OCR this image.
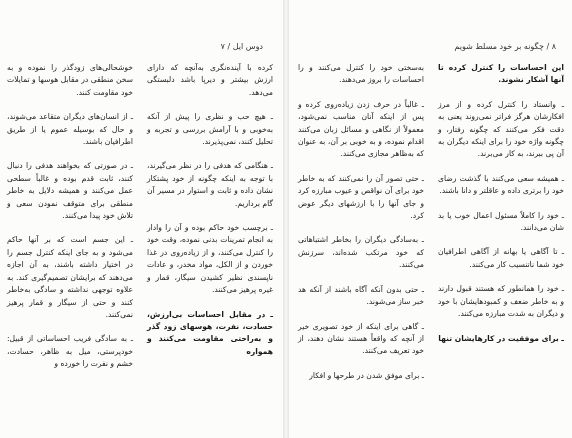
دوس ایل / ۷

کرده با آینده‌نگری به‌آنچه که دارای ارزش بیشتر و دیرپا باشد دلبستگی می‌دهد.

ـ هیچ حب و نظری را پیش از آنکه به‌خوبی و با آرامش بررسی و تجربه و تحلیل کنند، نمی‌پذیرند.

ـ هنگامی که هدفی را در نظر می‌گیرند، با توجه به اینکه چگونه از خود پشتکار نشان داده و ثابت و استوار در مسیر آن گام برداریم.

ـ برچسب خود حاکم بوده و آن را وادار به انجام تمرینات بدنی نموده، وقت خود را کنترل می‌کنند، و از زیاده‌روی در غذا خوردن و از الکل، مواد مخدر، و عادات ناپسندی نظیر کشیدن سیگار، قمار و غیره پرهیز می‌کنند.

ـ در مقابل احساسات بی‌ارزش، حسادت، نفرت، هوسهای زود گذر و به‌راحتی مقاومت می‌کنند و همواره

خوشحالی‌های زودگذر را نموده و به سخن منطقی در مقابل هوسها و تمایلات خود مقاومت کنند.

ـ از انسان‌های دیگران متقاعد می‌شوند، و حال که بوسیله عموم یا از طریق اطرافیان باشند.

ـ در صورتی که بخواهند هدفی را دنبال کنند، ثابت قدم بوده و غالباً سطحی عمل می‌کنند و همیشه دلایل به خاطر منطقی برای متوقف نمودن سعی و تلاش خود پیدا می‌کنند.

ـ این جسم است که بر آنها حاکم می‌شود و به جای اینکه کنترل جسم را در اختیار داشته باشند، به آن اجازه می‌دهند که برایشان تصمیم‌گیری کند. به علاوه توجهی نداشته و سادگی به‌خاطر کنند و حتی از سیگار و قمار پرهیز نمی‌کنند.

ـ به سادگی فریب احساساتی از قبیل: خودپرستی، میل به ظاهر، حسادت، خشم و نفرت را خورده و

۸ / چگونه بر خود مسلط شویم

این احساسات را کنترل کرده تا آنها آشکار نشوند.

ـ وانستاد را کنترل کرده و از مرز افکارشان هرگز فراتر نمی‌روند یعنی به دقت فکر می‌کنند که چگونه رفتار، و چگونه واژه خود را برای اینکه دیگران به آن پی ببرند، به کار می‌برند.

ـ همیشه سعی می‌کنند با گذشت رضای خود را برتری داده و عاقلتر و دانا باشند.

ـ خود را کاملاً مسئول اعمال خوب یا بد شان می‌دانند.

ـ تا آگاهی یا بهانه از آگاهی اطرافیان خود شما ناتنسیب کار می‌کنند.

ـ خود را همانطور که هستند قبول دارند و به خاطر ضعف و کمبودهایشان با خود و دیگران به شدت مبارزه می‌کنند.

ـ برای موفقیت در کارهایشان تنها

به‌سختی خود را کنترل می‌کنند و را احساسات را بروز می‌دهند.

ـ غالباً در حرف زدن زیاده‌روی کرده و پس از اینکه آنان مناسب نمی‌شود، معمولاً از نگاهی و مسائل زبان می‌کنند اقدام نموده، و به خوبی بر آن، به عنوان که به‌ظاهر مجازی می‌کنند.

ـ حتی تصور آن را نمی‌کنند که به خاطر خود برای آن نواقص و عیوب مبارزه کرد و جای آنها را با ارزشهای دیگر عوض کرد.

ـ به‌سادگی دیگران را بخاطر اشتباهاتی که خود مرتکب شده‌اند، سرزنش می‌کنند.

ـ حتی بدون آنکه آگاه باشند از آنکه هد خبر ساز می‌شوند.

ـ گاهی برای اینکه از خود تصویری خیر از آنچه که واقعاً هستند نشان دهند، از خود تعریف می‌کنند.

ـ برای موفق شدن در طرحها و افکار
